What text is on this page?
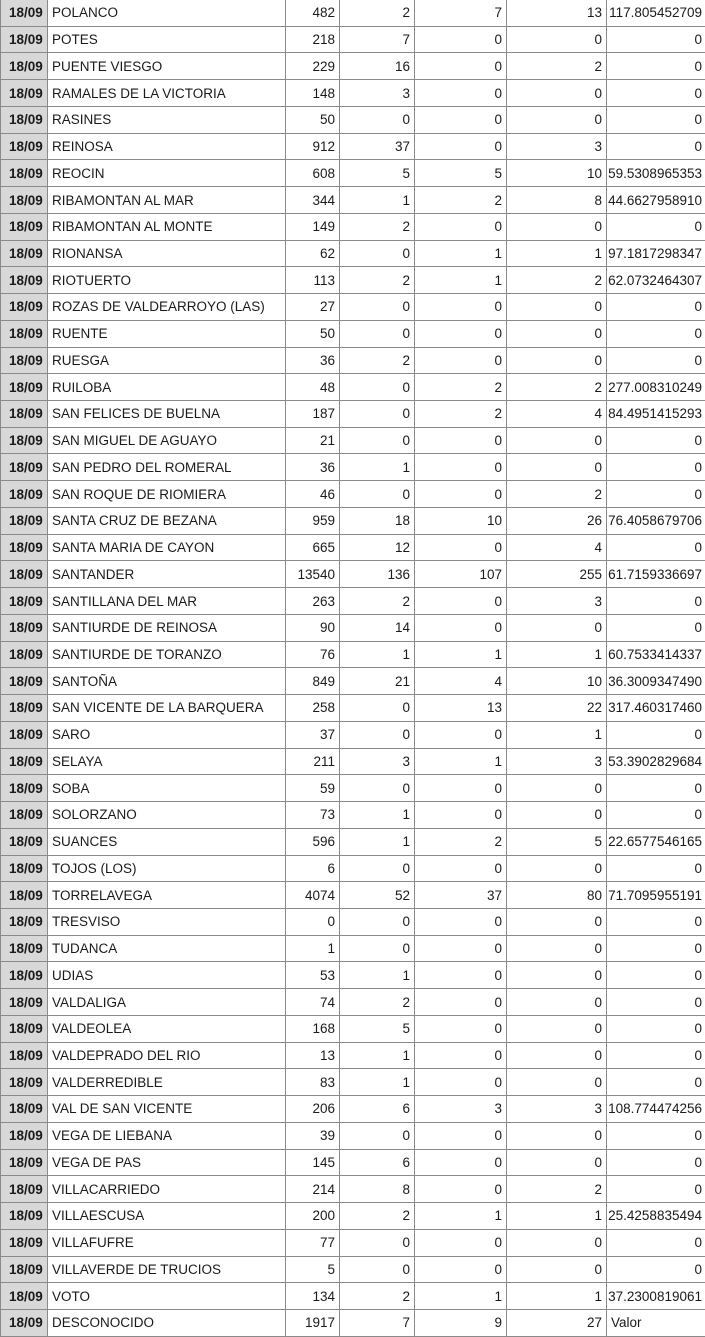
18/09 POLANCO	482	2	7	13 117.805452709
18/09 POTES	218	7	0	0	0
18/09 PUENTE VIESGO	229	16	0	2	0
18/09 RAMALES DE LA VICTORIA	148	3	0	0	0
18/09 RASINES	50	0	0	0	0
18/09 REINOSA	912	37	0	3	0
18/09 REOCIN	608	5	5	10 59.5308965353
18/09 RIBAMONTAN AL MAR	344	1	2	8 44.6627958910
18/09 RIBAMONTAN AL MONTE	149	2	0	0	0
18/09 RIONANSA	62	0	1	1 97.1817298347
18/09 RIOTUERTO	113	2	1	2 62.0732464307
18/09 ROZAS DE VALDEARROYO (LAS)	27	0	0	0	0
18/09 RUENTE	50	0	0	0	0
18/09 RUESGA	36	2	0	0	0
18/09 RUILOBA	48	0	2	2 277.008310249
18/09 SAN FELICES DE BUELNA	187	0	2	4 84.4951415293
18/09 SAN MIGUEL DE AGUAYO	21	0	0	0	0
18/09 SAN PEDRO DEL ROMERAL	36	1	0	0	0
18/09 SAN ROQUE DE RIOMIERA	46	0	0	2	0
18/09 SANTA CRUZ DE BEZANA	959	18	10	26 76.4058679706
18/09 SANTA MARIA DE CAYON	665	12	0	4	0
18/09 SANTANDER	13540	136	107	255 61.7159336697
18/09 SANTILLANA DEL MAR	263	2	0	3	0
18/09 SANTIURDE DE REINOSA	90	14	0	0	0
18/09 SANTIURDE DE TORANZO	76	1	1	1 60.7533414337
18/09 SANTOÑA	849	21	4	10 36.3009347490
18/09 SAN VICENTE DE LA BARQUERA	258	0	13	22 317.460317460
18/09 SARO	37	0	0	1	0
18/09 SELAYA	211	3	1	3 53.3902829684
18/09 SOBA	59	0	0	0	0
18/09 SOLORZANO	73	1	0	0	0
18/09 SUANCES	596	1	2	5 22.6577546165
18/09 TOJOS (LOS)	6	0	0	0	0
18/09 TORRELAVEGA	4074	52	37	80 71.7095955191
18/09 TRESVISO	0	0	0	0	0
18/09 TUDANCA	1	0	0	0	0
18/09 UDIAS	53	1	0	0	0
18/09 VALDALIGA	74	2	0	0	0
18/09 VALDEOLEA	168	5	0	0	0
18/09 VALDEPRADO DEL RIO	13	1	0	0	0
18/09 VALDERREDIBLE	83	1	0	0	0
18/09 VAL DE SAN VICENTE	206	6	3	3 108.774474256
18/09 VEGA DE LIEBANA	39	0	0	0	0
18/09 VEGA DE PAS	145	6	0	0	0
18/09 VILLACARRIEDO	214	8	0	2	0
18/09 VILLAESCUSA	200	2	1	1 25.4258835494
18/09 VILLAFUFRE	77	0	0	0	0
18/09 VILLAVERDE DE TRUCIOS	5	0	0	0	0
18/09 VOTO	134	2	1	1 37.2300819061
18/09 DESCONOCIDO	1917	7	9	27 Valor
